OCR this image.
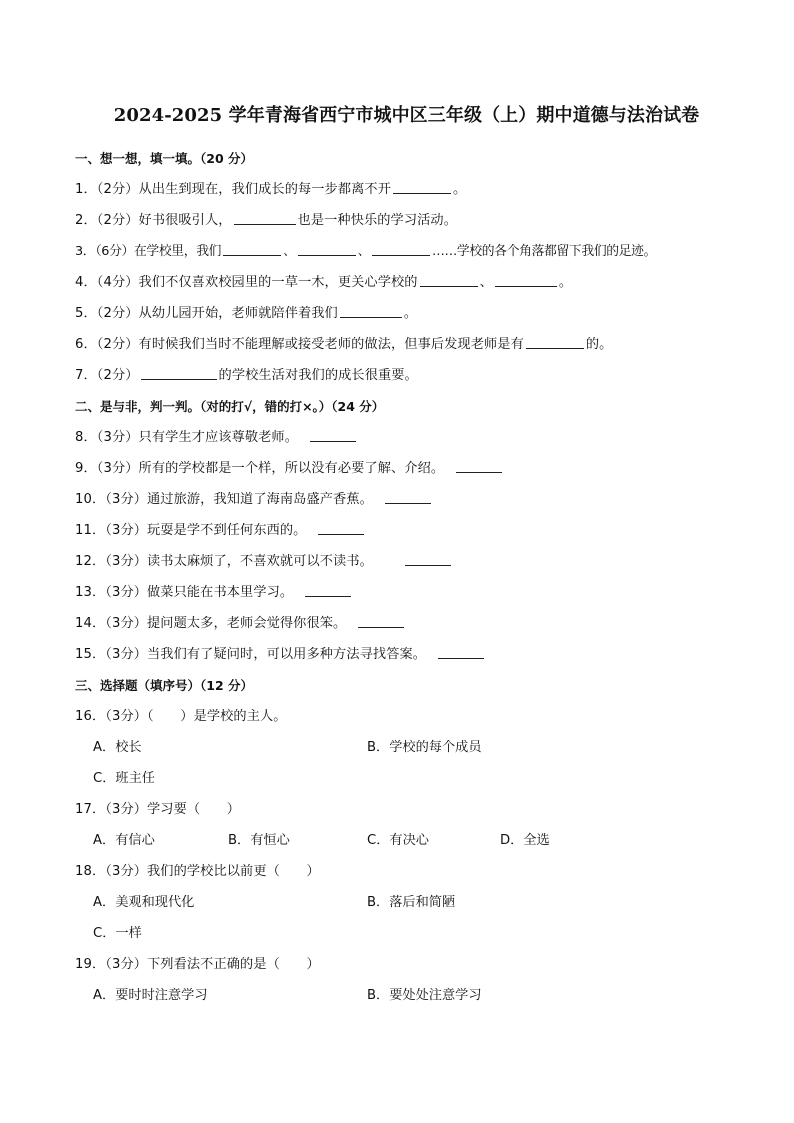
2024-2025 学年青海省西宁市城中区三年级（上）期中道德与法治试卷
一、想一想，填一填。（20 分）
1．（2分）从出生到现在，我们成长的每一步都离不开	。
2．（2分）好书很吸引人，	也是一种快乐的学习活动。
3．（6分）在学校里，我们	、	、	……学校的各个角落都留下我们的足迹。
4．（4分）我们不仅喜欢校园里的一草一木，更关心学校的	、	。
5．（2分）从幼儿园开始，老师就陪伴着我们	。
6．（2分）有时候我们当时不能理解或接受老师的做法，但事后发现老师是有	的。
7．（2分）	的学校生活对我们的成长很重要。
二、是与非，判一判。（对的打√，错的打×。）（24 分）
8．（3分）只有学生才应该尊敬老师。
9．（3分）所有的学校都是一个样，所以没有必要了解、介绍。
10．（3分）通过旅游，我知道了海南岛盛产香蕉。
11．（3分）玩耍是学不到任何东西的。
12．（3分）读书太麻烦了，不喜欢就可以不读书。
13．（3分）做菜只能在书本里学习。
14．（3分）提问题太多，老师会觉得你很笨。
15．（3分）当我们有了疑问时，可以用多种方法寻找答案。
三、选择题（填序号）（12 分）
16．（3分）（　　）是学校的主人。
A．校长	B．学校的每个成员
C．班主任
17．（3分）学习要（　　）
A．有信心	B．有恒心	C．有决心	D．全选
18．（3分）我们的学校比以前更（　　）
A．美观和现代化	B．落后和简陋
C．一样
19．（3分）下列看法不正确的是（　　）
A．要时时注意学习	B．要处处注意学习
